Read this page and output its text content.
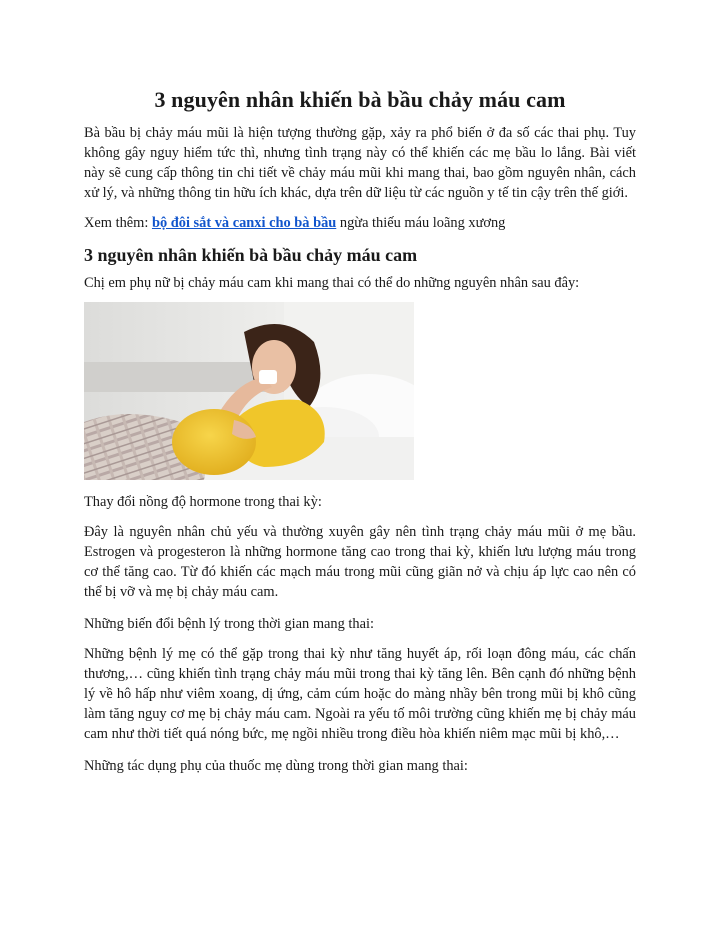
3 nguyên nhân khiến bà bầu chảy máu cam

Bà bầu bị chảy máu mũi là hiện tượng thường gặp, xảy ra phổ biến ở đa số các thai phụ. Tuy không gây nguy hiểm tức thì, nhưng tình trạng này có thể khiến các mẹ bầu lo lắng. Bài viết này sẽ cung cấp thông tin chi tiết về chảy máu mũi khi mang thai, bao gồm nguyên nhân, cách xử lý, và những thông tin hữu ích khác, dựa trên dữ liệu từ các nguồn y tế tin cậy trên thế giới.

Xem thêm: bộ đôi sắt và canxi cho bà bầu ngừa thiếu máu loãng xương

3 nguyên nhân khiến bà bầu chảy máu cam

Chị em phụ nữ bị chảy máu cam khi mang thai có thể do những nguyên nhân sau đây:

Thay đổi nồng độ hormone trong thai kỳ:

Đây là nguyên nhân chủ yếu và thường xuyên gây nên tình trạng chảy máu mũi ở mẹ bầu. Estrogen và progesteron là những hormone tăng cao trong thai kỳ, khiến lưu lượng máu trong cơ thể tăng cao. Từ đó khiến các mạch máu trong mũi cũng giãn nở và chịu áp lực cao nên có thể bị vỡ và mẹ bị chảy máu cam.

Những biến đổi bệnh lý trong thời gian mang thai:

Những bệnh lý mẹ có thể gặp trong thai kỳ như tăng huyết áp, rối loạn đông máu, các chấn thương,… cũng khiến tình trạng chảy máu mũi trong thai kỳ tăng lên. Bên cạnh đó những bệnh lý về hô hấp như viêm xoang, dị ứng, cảm cúm hoặc do màng nhầy bên trong mũi bị khô cũng làm tăng nguy cơ mẹ bị chảy máu cam. Ngoài ra yếu tố môi trường cũng khiến mẹ bị chảy máu cam như thời tiết quá nóng bức, mẹ ngồi nhiều trong điều hòa khiến niêm mạc mũi bị khô,…

Những tác dụng phụ của thuốc mẹ dùng trong thời gian mang thai:
